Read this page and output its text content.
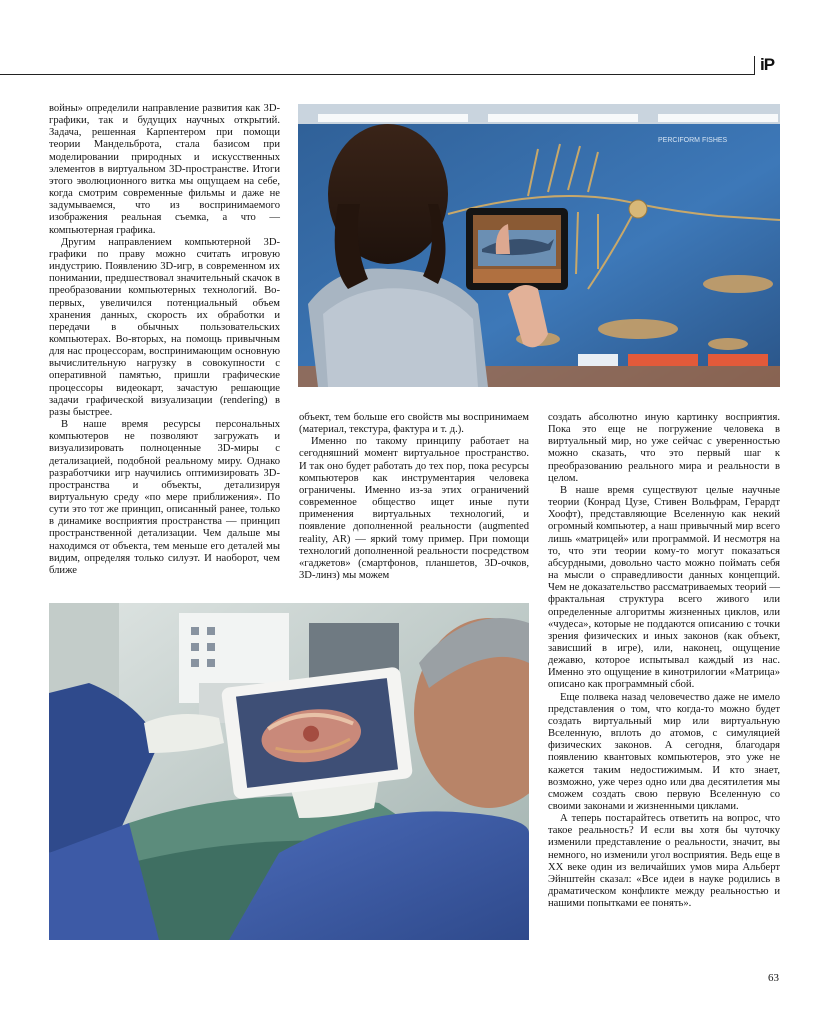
iP

войны» определили направление развития как 3D-графики, так и будущих научных открытий. Задача, решенная Карпентером при помощи теории Мандельброта, стала базисом при моделировании природных и искусственных элементов в виртуальном 3D-пространстве. Итоги этого эволюционного витка мы ощущаем на себе, когда смотрим современные фильмы и даже не задумываемся, что из воспринимаемого изображения реальная съемка, а что — компьютерная графика.

Другим направлением компьютерной 3D-графики по праву можно считать игровую индустрию. Появлению 3D-игр, в современном их понимании, предшествовал значительный скачок в преобразовании компьютерных технологий. Во-первых, увеличился потенциальный объем хранения данных, скорость их обработки и передачи в обычных пользовательских компьютерах. Во-вторых, на помощь привычным для нас процессорам, воспринимающим основную вычислительную нагрузку в совокупности с оперативной памятью, пришли графические процессоры видеокарт, зачастую решающие задачи графической визуализации (rendering) в разы быстрее.

В наше время ресурсы персональных компьютеров не позволяют загружать и визуализировать полноценные 3D-миры с детализацией, подобной реальному миру. Однако разработчики игр научились оптимизировать 3D-пространства и объекты, детализируя виртуальную среду «по мере приближения». По сути это тот же принцип, описанный ранее, только в динамике восприятия пространства — принцип пространственной детализации. Чем дальше мы находимся от объекта, тем меньше его деталей мы видим, определяя только силуэт. И наоборот, чем ближе

PERCIFORM FISHES

объект, тем больше его свойств мы воспринимаем (материал, текстура, фактура и т. д.).

Именно по такому принципу работает на сегодняшний момент виртуальное пространство. И так оно будет работать до тех пор, пока ресурсы компьютеров как инструментария человека ограничены. Именно из-за этих ограничений современное общество ищет иные пути применения виртуальных технологий, и появление дополненной реальности (augmented reality, AR) — яркий тому пример. При помощи технологий дополненной реальности посредством «гаджетов» (смартфонов, планшетов, 3D-очков, 3D-линз) мы можем

создать абсолютно иную картинку восприятия. Пока это еще не погружение человека в виртуальный мир, но уже сейчас с уверенностью можно сказать, что это первый шаг к преобразованию реального мира и реальности в целом.

В наше время существуют целые научные теории (Конрад Цузе, Стивен Вольфрам, Герардт Хоофт), представляющие Вселенную как некий огромный компьютер, а наш привычный мир всего лишь «матрицей» или программой. И несмотря на то, что эти теории кому-то могут показаться абсурдными, довольно часто можно поймать себя на мысли о справедливости данных концепций. Чем не доказательство рассматриваемых теорий — фрактальная структура всего живого или определенные алгоритмы жизненных циклов, или «чудеса», которые не поддаются описанию с точки зрения физических и иных законов (как объект, зависший в игре), или, наконец, ощущение дежавю, которое испытывал каждый из нас. Именно это ощущение в кинотрилогии «Матрица» описано как программный сбой.

Еще полвека назад человечество даже не имело представления о том, что когда-то можно будет создать виртуальный мир или виртуальную Вселенную, вплоть до атомов, с симуляцией физических законов. А сегодня, благодаря появлению квантовых компьютеров, это уже не кажется таким недостижимым. И кто знает, возможно, уже через одно или два десятилетия мы сможем создать свою первую Вселенную со своими законами и жизненными циклами.

А теперь постарайтесь ответить на вопрос, что такое реальность? И если вы хотя бы чуточку изменили представление о реальности, значит, вы немного, но изменили угол восприятия. Ведь еще в XX веке один из величайших умов мира Альберт Эйнштейн сказал: «Все идеи в науке родились в драматическом конфликте между реальностью и нашими попытками ее понять».

63
